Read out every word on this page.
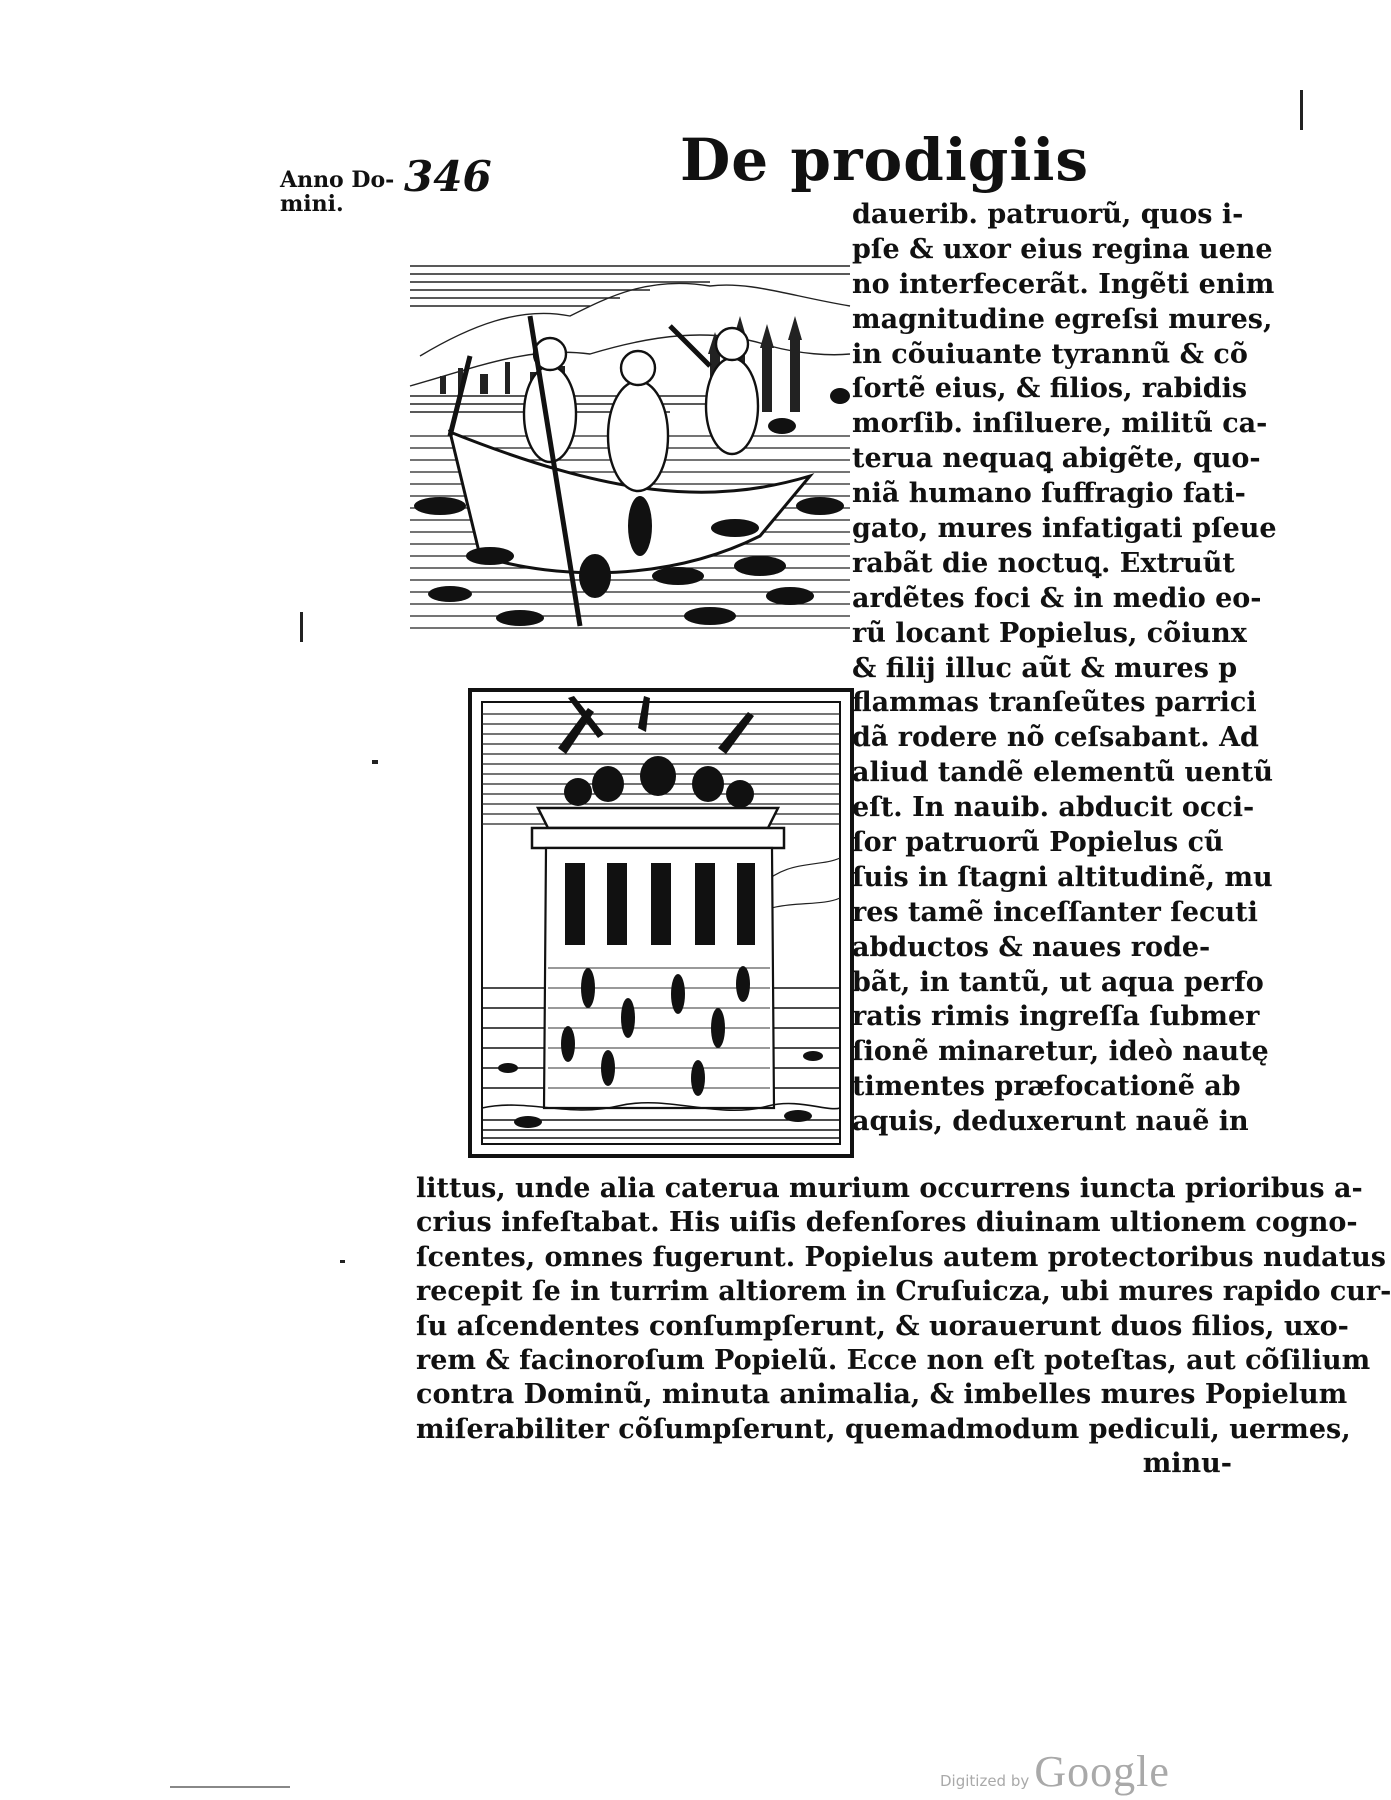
Anno Do-
mini.
346	De prodigiis
dauerib. patruorũ, quos i-
pſe & uxor eius regina uene
no interfecerãt. Ingẽti enim
magnitudine egreſsi mures,
in cõuiuante tyrannũ & cõ
ſortẽ eius, & filios, rabidis
morſib. inſiluere, militũ ca-
terua nequaꝗ abigẽte, quo-
niã humano ſuffragio fati-
gato, mures infatigati pſeue
rabãt die noctuꝗ. Extruũt
ardẽtes foci & in medio eo-
rũ locant Popielus, cõiunx
& filij illuc aũt & mures p
flammas tranſeũtes parrici
dã rodere nõ ceſsabant. Ad
aliud tandẽ elementũ uentũ
eſt. In nauib. abducit occi-
ſor patruorũ Popielus cũ
ſuis in ſtagni altitudinẽ, mu
res tamẽ inceſſanter ſecuti
abductos & naues rode-
bãt, in tantũ, ut aqua perfo
ratis rimis ingreſſa ſubmer
ſionẽ minaretur, ideò nautę
timentes præfocationẽ ab
aquis, deduxerunt nauẽ in
littus, unde alia caterua murium occurrens iuncta prioribus a-
crius infeſtabat. His uiſis defenſores diuinam ultionem cogno-
ſcentes, omnes fugerunt. Popielus autem protectoribus nudatus
recepit ſe in turrim altiorem in Cruſuicza, ubi mures rapido cur-
ſu aſcendentes conſumpſerunt, & uorauerunt duos filios, uxo-
rem & facinoroſum Popielũ. Ecce non eſt poteſtas, aut cõſilium
contra Dominũ, minuta animalia, & imbelles mures Popielum
miſerabiliter cõſumpſerunt, quemadmodum pediculi, uermes,
minu-
Digitized by Google
